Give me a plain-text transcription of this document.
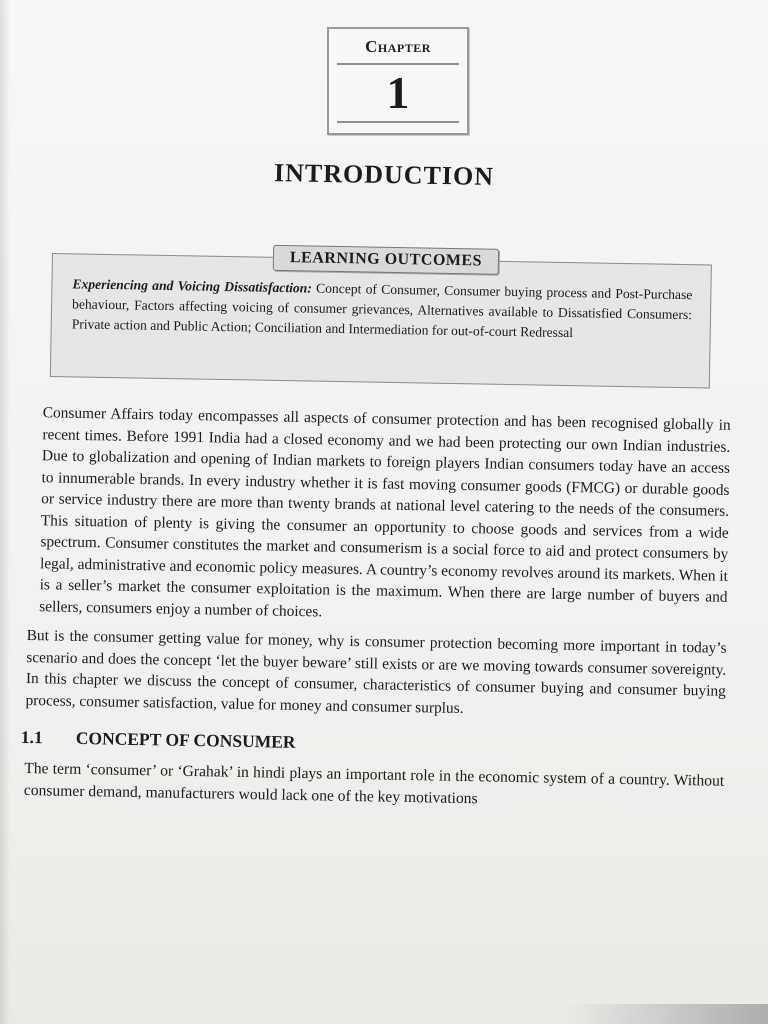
Chapter
1
INTRODUCTION
LEARNING OUTCOMES
Experiencing and Voicing Dissatisfaction: Concept of Consumer, Consumer buying process and Post-Purchase behaviour, Factors affecting voicing of consumer grievances, Alternatives available to Dissatisfied Consumers: Private action and Public Action; Conciliation and Intermediation for out-of-court Redressal

Consumer Affairs today encompasses all aspects of consumer protection and has been recognised globally in recent times. Before 1991 India had a closed economy and we had been protecting our own Indian industries. Due to globalization and opening of Indian markets to foreign players Indian consumers today have an access to innumerable brands. In every industry whether it is fast moving consumer goods (FMCG) or durable goods or service industry there are more than twenty brands at national level catering to the needs of the consumers. This situation of plenty is giving the consumer an opportunity to choose goods and services from a wide spectrum. Consumer constitutes the market and consumerism is a social force to aid and protect consumers by legal, administrative and economic policy measures. A country’s economy revolves around its markets. When it is a seller’s market the consumer exploitation is the maximum. When there are large number of buyers and sellers, consumers enjoy a number of choices.

But is the consumer getting value for money, why is consumer protection becoming more important in today’s scenario and does the concept ‘let the buyer beware’ still exists or are we moving towards consumer sovereignty. In this chapter we discuss the concept of consumer, characteristics of consumer buying and consumer buying process, consumer satisfaction, value for money and consumer surplus.

1.1	CONCEPT OF CONSUMER

The term ‘consumer’ or ‘Grahak’ in hindi plays an important role in the economic system of a country. Without consumer demand, manufacturers would lack one of the key motivations
